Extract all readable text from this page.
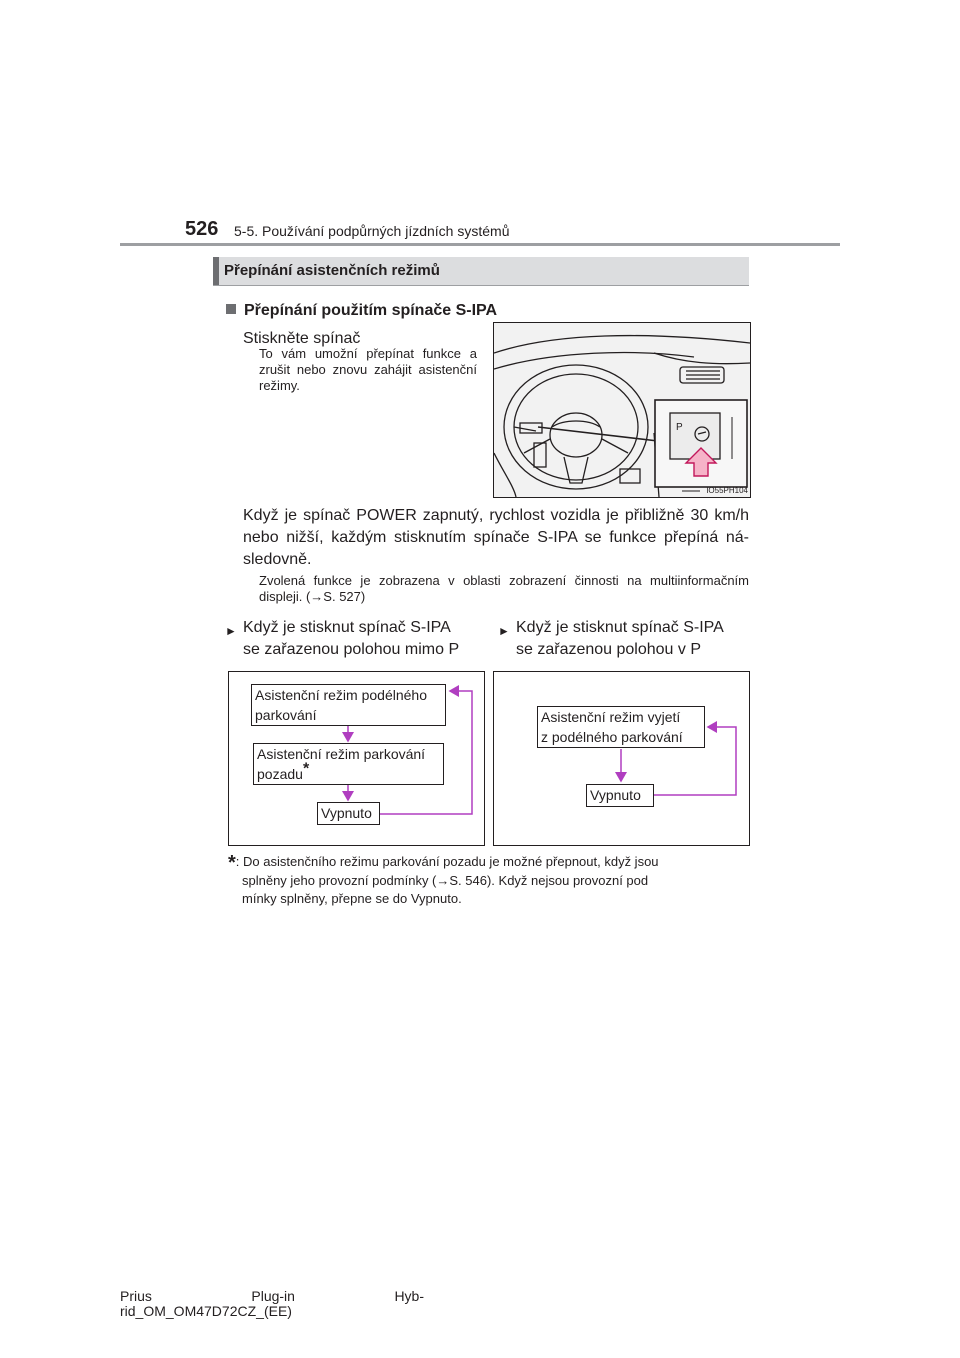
526 5-5. Používání podpůrných jízdních systémů
Přepínání asistenčních režimů
Přepínání použitím spínače S-IPA
Stiskněte spínač
To vám umožní přepínat funkce a zrušit nebo znovu zahájit asistenční režimy.
P
IO55PH104
Když je spínač POWER zapnutý, rychlost vozidla je přibližně 30 km/h nebo nižší, každým stisknutím spínače S-IPA se funkce přepíná následovně.
Zvolená funkce je zobrazena v oblasti zobrazení činnosti na multiinformačním displeji. (→S. 527)
► Když je stisknut spínač S-IPA
se zařazenou polohou mimo P
► Když je stisknut spínač S-IPA
se zařazenou polohou v P
Asistenční režim podélného
parkování
Asistenční režim parkování
pozadu*
Vypnuto
Asistenční režim vyjetí
z podélného parkování
Vypnuto
*: Do asistenčního režimu parkování pozadu je možné přepnout, když jsou
splněny jeho provozní podmínky (→S. 546). Když nejsou provozní pod
mínky splněny, přepne se do Vypnuto.
Prius	Plug-in	Hyb-
rid_OM_OM47D72CZ_(EE)
